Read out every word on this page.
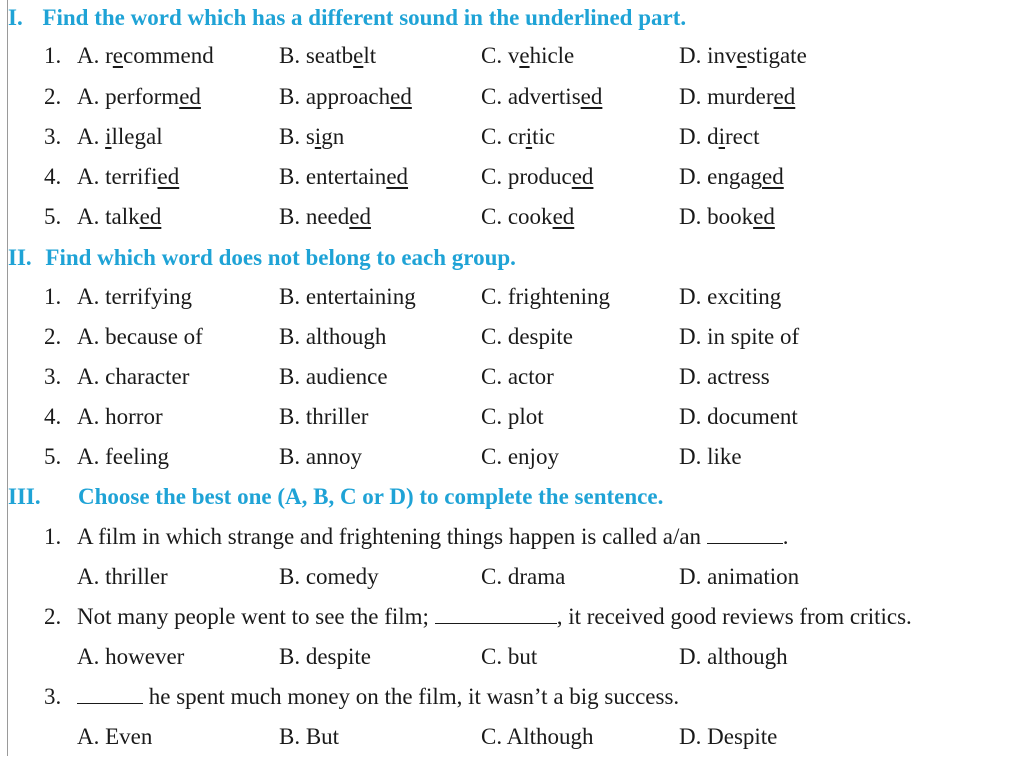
I. Find the word which has a different sound in the underlined part.
1. A. recommend	B. seatbelt	C. vehicle	D. investigate
2. A. performed	B. approached	C. advertised	D. murdered
3. A. illegal	B. sign	C. critic	D. direct
4. A. terrified	B. entertained	C. produced	D. engaged
5. A. talked	B. needed	C. cooked	D. booked
II. Find which word does not belong to each group.
1. A. terrifying	B. entertaining	C. frightening	D. exciting
2. A. because of	B. although	C. despite	D. in spite of
3. A. character	B. audience	C. actor	D. actress
4. A. horror	B. thriller	C. plot	D. document
5. A. feeling	B. annoy	C. enjoy	D. like
III. Choose the best one (A, B, C or D) to complete the sentence.
1. A film in which strange and frightening things happen is called a/an	.
A. thriller	B. comedy	C. drama	D. animation
2. Not many people went to see the film;	, it received good reviews from critics.
A. however	B. despite	C. but	D. although
3.	he spent much money on the film, it wasn’t a big success.
A. Even	B. But	C. Although	D. Despite
